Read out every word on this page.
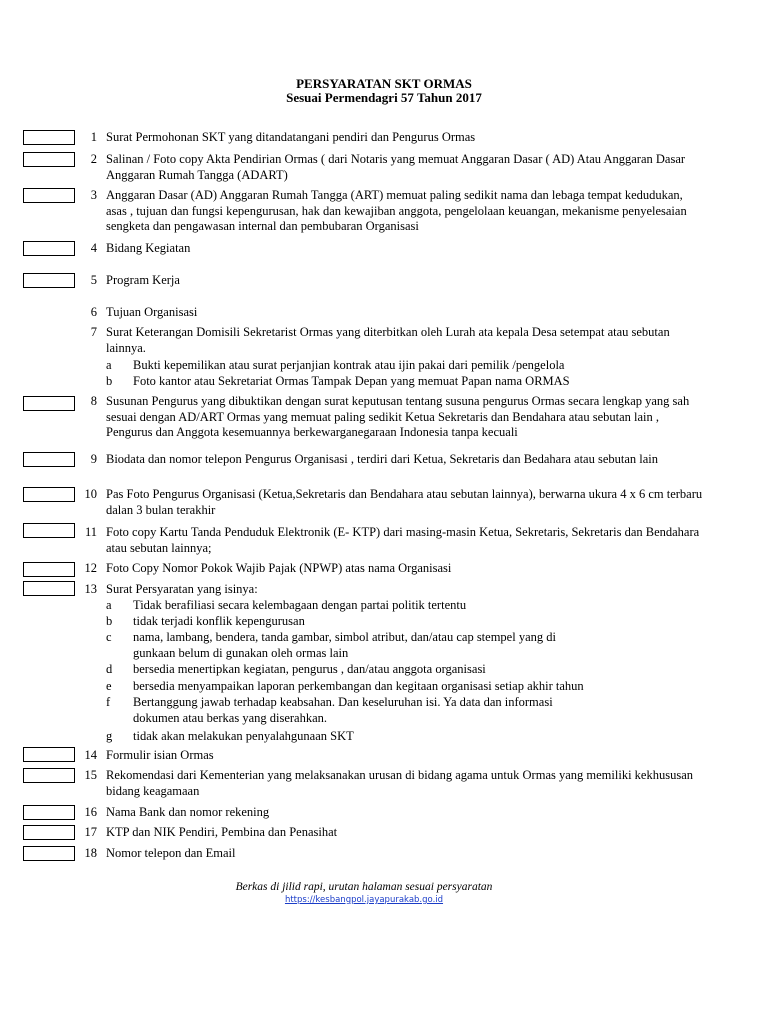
PERSYARATAN SKT ORMAS
Sesuai Permendagri 57 Tahun 2017
1 Surat Permohonan SKT yang ditandatangani pendiri dan Pengurus Ormas
2 Salinan / Foto copy Akta Pendirian Ormas ( dari Notaris yang memuat Anggaran Dasar ( AD) Atau Anggaran Dasar Anggaran Rumah Tangga (ADART)
3 Anggaran Dasar (AD) Anggaran Rumah Tangga (ART) memuat paling sedikit nama dan lebaga tempat kedudukan, asas , tujuan dan fungsi kepengurusan, hak dan kewajiban anggota, pengelolaan keuangan, mekanisme penyelesaian sengketa dan pengawasan internal dan pembubaran Organisasi
4 Bidang Kegiatan
5 Program Kerja
6 Tujuan Organisasi
7 Surat Keterangan Domisili Sekretarist Ormas yang diterbitkan oleh Lurah ata kepala Desa setempat atau sebutan lainnya.
a Bukti kepemilikan atau surat perjanjian kontrak atau ijin pakai dari pemilik /pengelola
b Foto kantor atau Sekretariat Ormas Tampak Depan yang memuat Papan nama ORMAS
8 Susunan Pengurus yang dibuktikan dengan surat keputusan tentang susuna pengurus Ormas secara lengkap yang sah sesuai dengan AD/ART Ormas yang memuat paling sedikit Ketua Sekretaris dan Bendahara atau sebutan lain , Pengurus dan Anggota kesemuannya berkewarganegaraan Indonesia tanpa kecuali
9 Biodata dan nomor telepon Pengurus Organisasi , terdiri dari Ketua, Sekretaris dan Bedahara atau sebutan lain
10 Pas Foto Pengurus Organisasi (Ketua,Sekretaris dan Bendahara atau sebutan lainnya), berwarna ukura 4 x 6 cm terbaru dalan 3 bulan terakhir
11 Foto copy Kartu Tanda Penduduk Elektronik (E- KTP) dari masing-masin Ketua, Sekretaris, Sekretaris dan Bendahara atau sebutan lainnya;
12 Foto Copy Nomor Pokok Wajib Pajak (NPWP) atas nama Organisasi
13 Surat Persyaratan yang isinya:
a Tidak berafiliasi secara kelembagaan dengan partai politik tertentu
b tidak terjadi konflik kepengurusan
c nama, lambang, bendera, tanda gambar, simbol atribut, dan/atau cap stempel yang di gunkaan belum di gunakan oleh ormas lain
d bersedia menertipkan kegiatan, pengurus , dan/atau anggota organisasi
e bersedia menyampaikan laporan perkembangan dan kegitaan organisasi setiap akhir tahun
f Bertanggung jawab terhadap keabsahan. Dan keseluruhan isi. Ya data dan informasi dokumen atau berkas yang diserahkan.
g tidak akan melakukan penyalahgunaan SKT
14 Formulir isian Ormas
15 Rekomendasi dari Kementerian yang melaksanakan urusan di bidang agama untuk Ormas yang memiliki kekhususan bidang keagamaan
16 Nama Bank dan nomor rekening
17 KTP dan NIK Pendiri, Pembina dan Penasihat
18 Nomor telepon dan Email
Berkas di jilid rapi, urutan halaman sesuai persyaratan
https://kesbangpol.jayapurakab.go.id
